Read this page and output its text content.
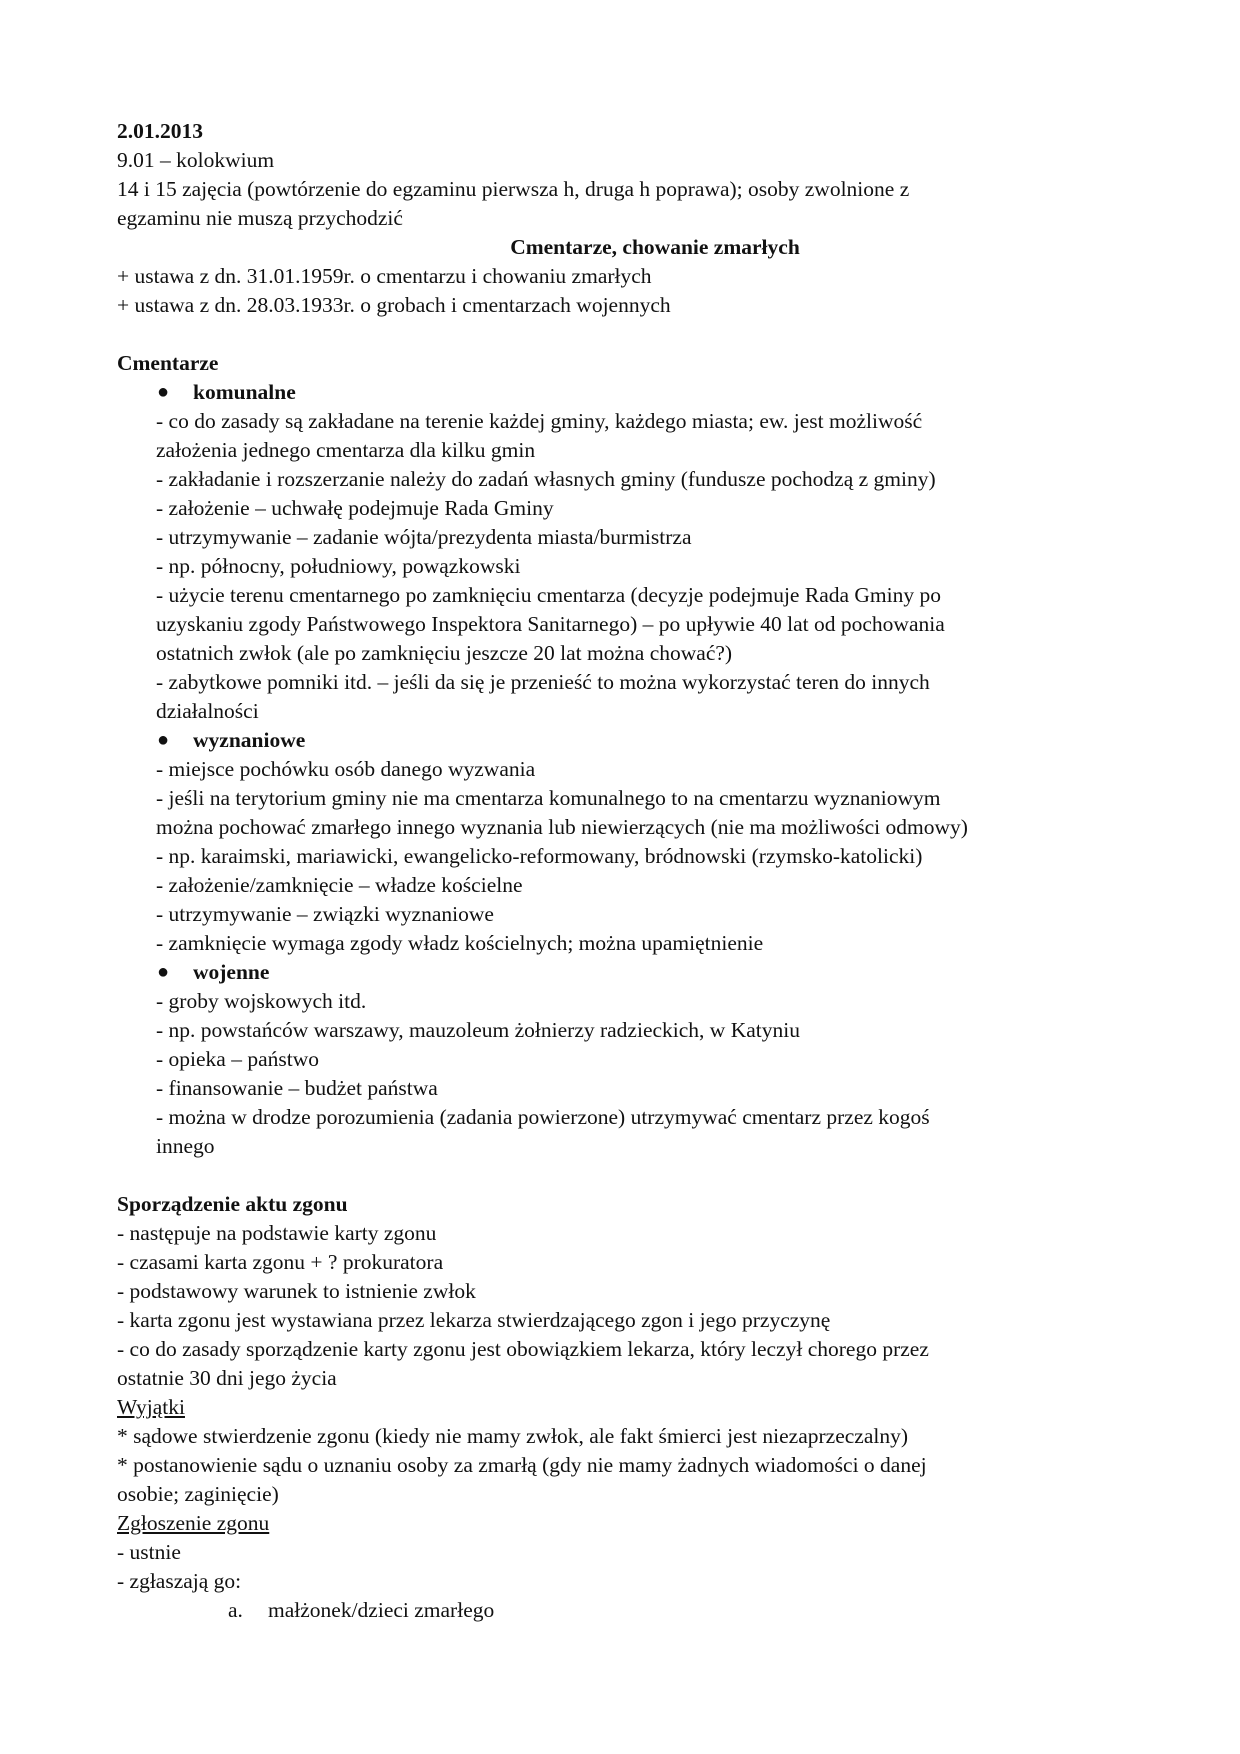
2.01.2013
9.01 – kolokwium
14 i 15 zajęcia (powtórzenie do egzaminu pierwsza h, druga h poprawa); osoby zwolnione z
egzaminu nie muszą przychodzić
Cmentarze, chowanie zmarłych
+ ustawa z dn. 31.01.1959r. o cmentarzu i chowaniu zmarłych
+ ustawa z dn. 28.03.1933r. o grobach i cmentarzach wojennych
Cmentarze
● komunalne
- co do zasady są zakładane na terenie każdej gminy, każdego miasta; ew. jest możliwość
założenia jednego cmentarza dla kilku gmin
- zakładanie i rozszerzanie należy do zadań własnych gminy (fundusze pochodzą z gminy)
- założenie – uchwałę podejmuje Rada Gminy
- utrzymywanie – zadanie wójta/prezydenta miasta/burmistrza
- np. północny, południowy, powązkowski
- użycie terenu cmentarnego po zamknięciu cmentarza (decyzje podejmuje Rada Gminy po
uzyskaniu zgody Państwowego Inspektora Sanitarnego) – po upływie 40 lat od pochowania
ostatnich zwłok (ale po zamknięciu jeszcze 20 lat można chować?)
- zabytkowe pomniki itd. – jeśli da się je przenieść to można wykorzystać teren do innych
działalności
● wyznaniowe
- miejsce pochówku osób danego wyzwania
- jeśli na terytorium gminy nie ma cmentarza komunalnego to na cmentarzu wyznaniowym
można pochować zmarłego innego wyznania lub niewierzących (nie ma możliwości odmowy)
- np. karaimski, mariawicki, ewangelicko-reformowany, bródnowski (rzymsko-katolicki)
- założenie/zamknięcie – władze kościelne
- utrzymywanie – związki wyznaniowe
- zamknięcie wymaga zgody władz kościelnych; można upamiętnienie
● wojenne
- groby wojskowych itd.
- np. powstańców warszawy, mauzoleum żołnierzy radzieckich, w Katyniu
- opieka – państwo
- finansowanie – budżet państwa
- można w drodze porozumienia (zadania powierzone) utrzymywać cmentarz przez kogoś
innego
Sporządzenie aktu zgonu
- następuje na podstawie karty zgonu
- czasami karta zgonu + ? prokuratora
- podstawowy warunek to istnienie zwłok
- karta zgonu jest wystawiana przez lekarza stwierdzającego zgon i jego przyczynę
- co do zasady sporządzenie karty zgonu jest obowiązkiem lekarza, który leczył chorego przez
ostatnie 30 dni jego życia
Wyjątki
* sądowe stwierdzenie zgonu (kiedy nie mamy zwłok, ale fakt śmierci jest niezaprzeczalny)
* postanowienie sądu o uznaniu osoby za zmarłą (gdy nie mamy żadnych wiadomości o danej
osobie; zaginięcie)
Zgłoszenie zgonu
- ustnie
- zgłaszają go:
a. małżonek/dzieci zmarłego
